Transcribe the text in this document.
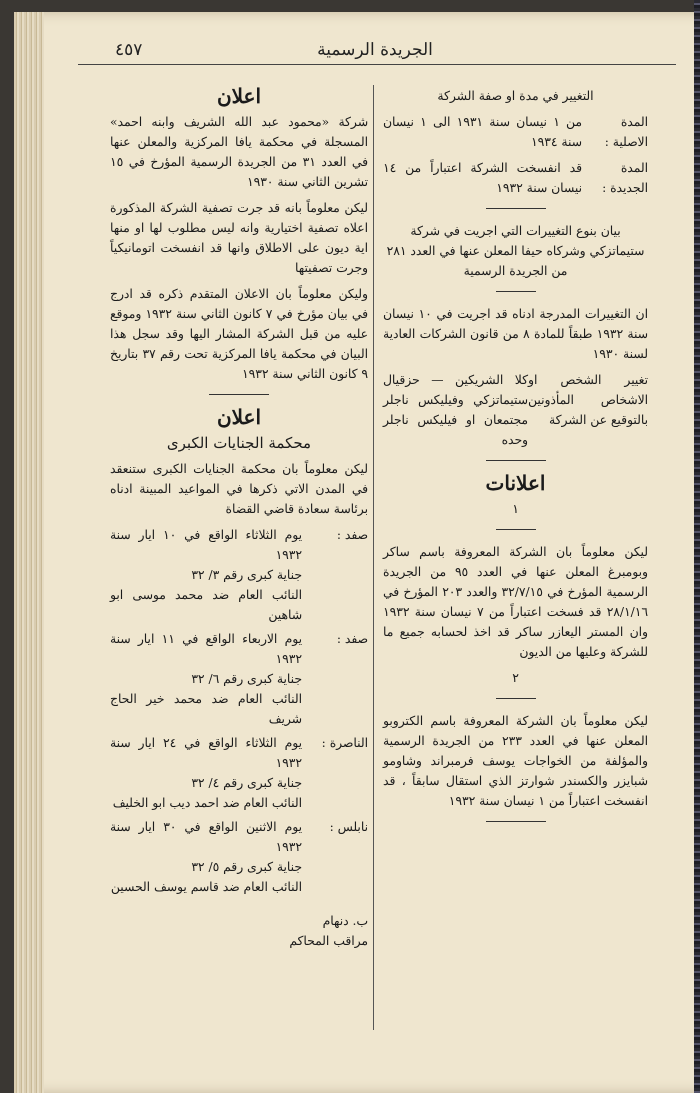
٤٥٧	الجريدة الرسمية

التغيير في مدة او صفة الشركة

المدة الاصلية :
من ١ نيسان سنة ١٩٣١ الى ١ نيسان سنة ١٩٣٤
المدة الجديدة :
قد انفسخت الشركة اعتباراً من ١٤ نيسان سنة ١٩٣٢

بيان بنوع التغييرات التي اجريت في شركة ستيماتزكي وشركاه حيفا المعلن عنها في العدد ٢٨١ من الجريدة الرسمية

ان التغييرات المدرجة ادناه قد اجريت في ١٠ نيسان سنة ١٩٣٢ طبقاً للمادة ٨ من قانون الشركات العادية لسنة ١٩٣٠

تغيير الشخص او الاشخاص المأذونين بالتوقيع عن الشركة
كلا الشريكين — حزقيال ستيماتزكي وفيليكس ناجلر مجتمعان او فيليكس ناجلر وحده

اعلانات

١

ليكن معلوماً بان الشركة المعروفة باسم ساكر وبومبرغ المعلن عنها في العدد ٩٥ من الجريدة الرسمية المؤرخ في ٣٢/٧/١٥ والعدد ٢٠٣ المؤرخ في ٢٨/١/١٦ قد فسخت اعتباراً من ٧ نيسان سنة ١٩٣٢ وان المستر اليعازر ساكر قد اخذ لحسابه جميع ما للشركة وعليها من الديون

٢

ليكن معلوماً بان الشركة المعروفة باسم الكتروبو المعلن عنها في العدد ٢٣٣ من الجريدة الرسمية والمؤلفة من الخواجات يوسف فرمبراند وشاومو شبايزر والكسندر شوارتز الذي استقال سابقاً ، قد انفسخت اعتباراً من ١ نيسان سنة ١٩٣٢

اعلان

شركة «محمود عبد الله الشريف وابنه احمد» المسجلة في محكمة يافا المركزية والمعلن عنها في العدد ٣١ من الجريدة الرسمية المؤرخ في ١٥ تشرين الثاني سنة ١٩٣٠

ليكن معلوماً بانه قد جرت تصفية الشركة المذكورة اعلاه تصفية اختيارية وانه ليس مطلوب لها او منها اية ديون على الاطلاق وانها قد انفسخت اتومانيكياً وجرت تصفيتها

وليكن معلوماً بان الاعلان المتقدم ذكره قد ادرج في بيان مؤرخ في ٧ كانون الثاني سنة ١٩٣٢ وموقع عليه من قبل الشركة المشار اليها وقد سجل هذا البيان في محكمة يافا المركزية تحت رقم ٣٧ بتاريخ ٩ كانون الثاني سنة ١٩٣٢

اعلان

محكمة الجنايات الكبرى

ليكن معلوماً بان محكمة الجنايات الكبرى ستنعقد في المدن الاتي ذكرها في المواعيد المبينة ادناه برئاسة سعادة قاضي القضاة

صفد :
يوم الثلاثاء الواقع في ١٠ ايار سنة ١٩٣٢
جناية كبرى رقم ٣/ ٣٢
النائب العام ضد محمد موسى ابو شاهين
صفد :
يوم الاربعاء الواقع في ١١ ايار سنة ١٩٣٢
جناية كبرى رقم ٦/ ٣٢
النائب العام ضد محمد خير الحاج شريف
الناصرة :
يوم الثلاثاء الواقع في ٢٤ ايار سنة ١٩٣٢
جناية كبرى رقم ٤/ ٣٢
النائب العام ضد احمد ديب ابو الخليف
نابلس :
يوم الاثنين الواقع في ٣٠ ايار سنة ١٩٣٢
جناية كبرى رقم ٥/ ٣٢
النائب العام ضد قاسم يوسف الحسين
ب. دنهام
مراقب المحاكم
